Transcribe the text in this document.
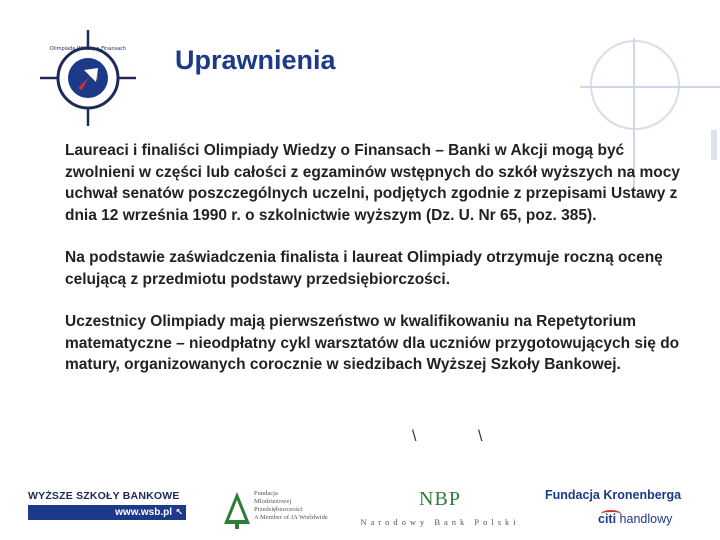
Olimpiada Wiedzy o Finansach Uprawnienia

Laureaci i finaliści Olimpiady Wiedzy o Finansach – Banki w Akcji mogą być zwolnieni w części lub całości z egzaminów wstępnych do szkół wyższych na mocy uchwał senatów poszczególnych uczelni, podjętych zgodnie z przepisami Ustawy z dnia 12 września 1990 r. o szkolnictwie wyższym (Dz. U. Nr 65, poz. 385).

Na podstawie zaświadczenia finalista i laureat Olimpiady otrzymuje roczną ocenę celującą z przedmiotu podstawy przedsiębiorczości.

Uczestnicy Olimpiady mają pierwszeństwo w kwalifikowaniu na Repetytorium matematyczne – nieodpłatny cykl warsztatów dla uczniów przygotowujących się do matury, organizowanych corocznie w siedzibach Wyższej Szkoły Bankowej.

\	\
WYŻSZE SZKOŁY BANKOWE
www.wsb.pl ↖
Fundacja
Młodzieżowej
Przedsiębiorczości
A Member of JA Worldwide
NBP
Narodowy Bank Polski
Fundacja Kronenberga
citi handlowy
